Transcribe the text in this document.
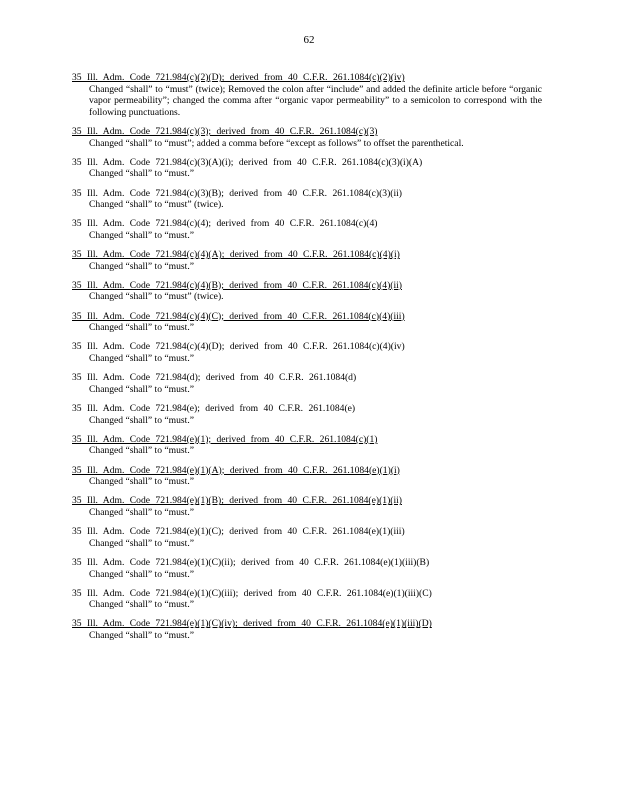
62
35 Ill. Adm. Code 721.984(c)(2)(D); derived from 40 C.F.R. 261.1084(c)(2)(iv)
Changed “shall” to “must” (twice); Removed the colon after “include” and added the definite article before “organic vapor permeability”; changed the comma after “organic vapor permeability” to a semicolon to correspond with the following punctuations.
35 Ill. Adm. Code 721.984(c)(3); derived from 40 C.F.R. 261.1084(c)(3)
Changed “shall” to “must”; added a comma before “except as follows” to offset the parenthetical.
35 Ill. Adm. Code 721.984(c)(3)(A)(i); derived from 40 C.F.R. 261.1084(c)(3)(i)(A)
Changed “shall” to “must.”
35 Ill. Adm. Code 721.984(c)(3)(B); derived from 40 C.F.R. 261.1084(c)(3)(ii)
Changed “shall” to “must” (twice).
35 Ill. Adm. Code 721.984(c)(4); derived from 40 C.F.R. 261.1084(c)(4)
Changed “shall” to “must.”
35 Ill. Adm. Code 721.984(c)(4)(A); derived from 40 C.F.R. 261.1084(c)(4)(i)
Changed “shall” to “must.”
35 Ill. Adm. Code 721.984(c)(4)(B); derived from 40 C.F.R. 261.1084(c)(4)(ii)
Changed “shall” to “must” (twice).
35 Ill. Adm. Code 721.984(c)(4)(C); derived from 40 C.F.R. 261.1084(c)(4)(iii)
Changed “shall” to “must.”
35 Ill. Adm. Code 721.984(c)(4)(D); derived from 40 C.F.R. 261.1084(c)(4)(iv)
Changed “shall” to “must.”
35 Ill. Adm. Code 721.984(d); derived from 40 C.F.R. 261.1084(d)
Changed “shall” to “must.”
35 Ill. Adm. Code 721.984(e); derived from 40 C.F.R. 261.1084(e)
Changed “shall” to “must.”
35 Ill. Adm. Code 721.984(e)(1); derived from 40 C.F.R. 261.1084(c)(1)
Changed “shall” to “must.”
35 Ill. Adm. Code 721.984(e)(1)(A); derived from 40 C.F.R. 261.1084(e)(1)(i)
Changed “shall” to “must.”
35 Ill. Adm. Code 721.984(e)(1)(B); derived from 40 C.F.R. 261.1084(e)(1)(ii)
Changed “shall” to “must.”
35 Ill. Adm. Code 721.984(e)(1)(C); derived from 40 C.F.R. 261.1084(e)(1)(iii)
Changed “shall” to “must.”
35 Ill. Adm. Code 721.984(e)(1)(C)(ii); derived from 40 C.F.R. 261.1084(e)(1)(iii)(B)
Changed “shall” to “must.”
35 Ill. Adm. Code 721.984(e)(1)(C)(iii); derived from 40 C.F.R. 261.1084(e)(1)(iii)(C)
Changed “shall” to “must.”
35 Ill. Adm. Code 721.984(e)(1)(C)(iv); derived from 40 C.F.R. 261.1084(e)(1)(iii)(D)
Changed “shall” to “must.”
